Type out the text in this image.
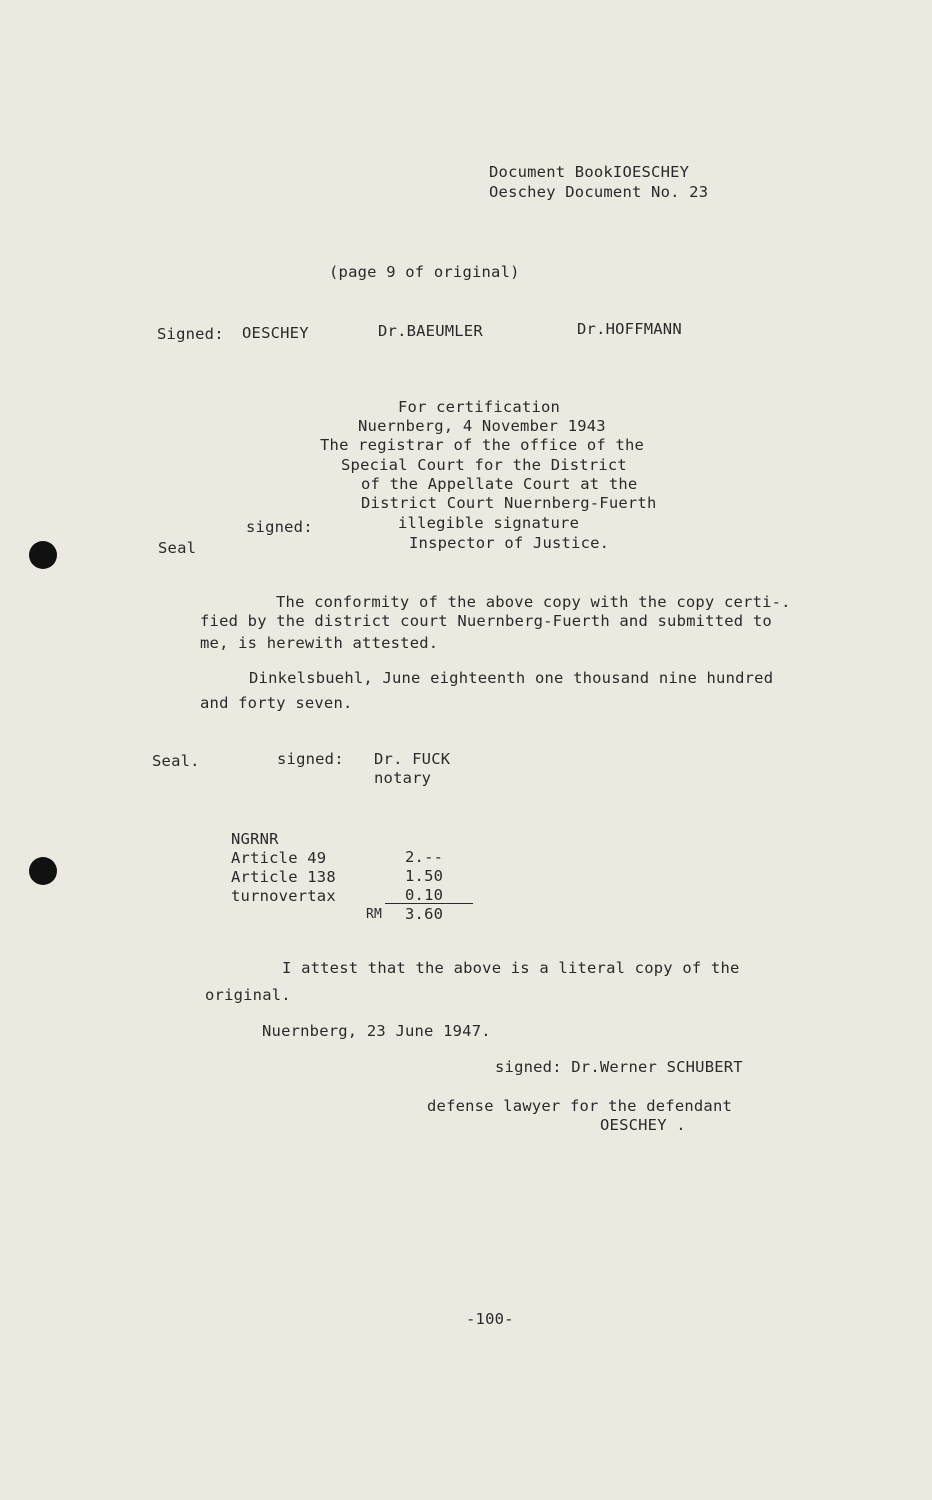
Document BookIOESCHEY
Oeschey Document No. 23
(page 9 of original)
Signed: OESCHEY	Dr.BAEUMLER	Dr.HOFFMANN
For certification
Nuernberg, 4 November 1943
The registrar of the office of the
Special Court for the District
of the Appellate Court at the
District Court Nuernberg-Fuerth
signed:	illegible signature
Seal	Inspector of Justice.
The conformity of the above copy with the copy certi-.
fied by the district court Nuernberg-Fuerth and submitted to
me, is herewith attested.
Dinkelsbuehl, June eighteenth one thousand nine hundred
and forty seven.
Seal.	signed: Dr. FUCK
notary
NGRNR
Article 49	2.--
Article 138	1.50
turnovertax	0.10
RM 3.60
I attest that the above is a literal copy of the
original.
Nuernberg, 23 June 1947.
signed: Dr.Werner SCHUBERT
defense lawyer for the defendant
OESCHEY .
-100-
